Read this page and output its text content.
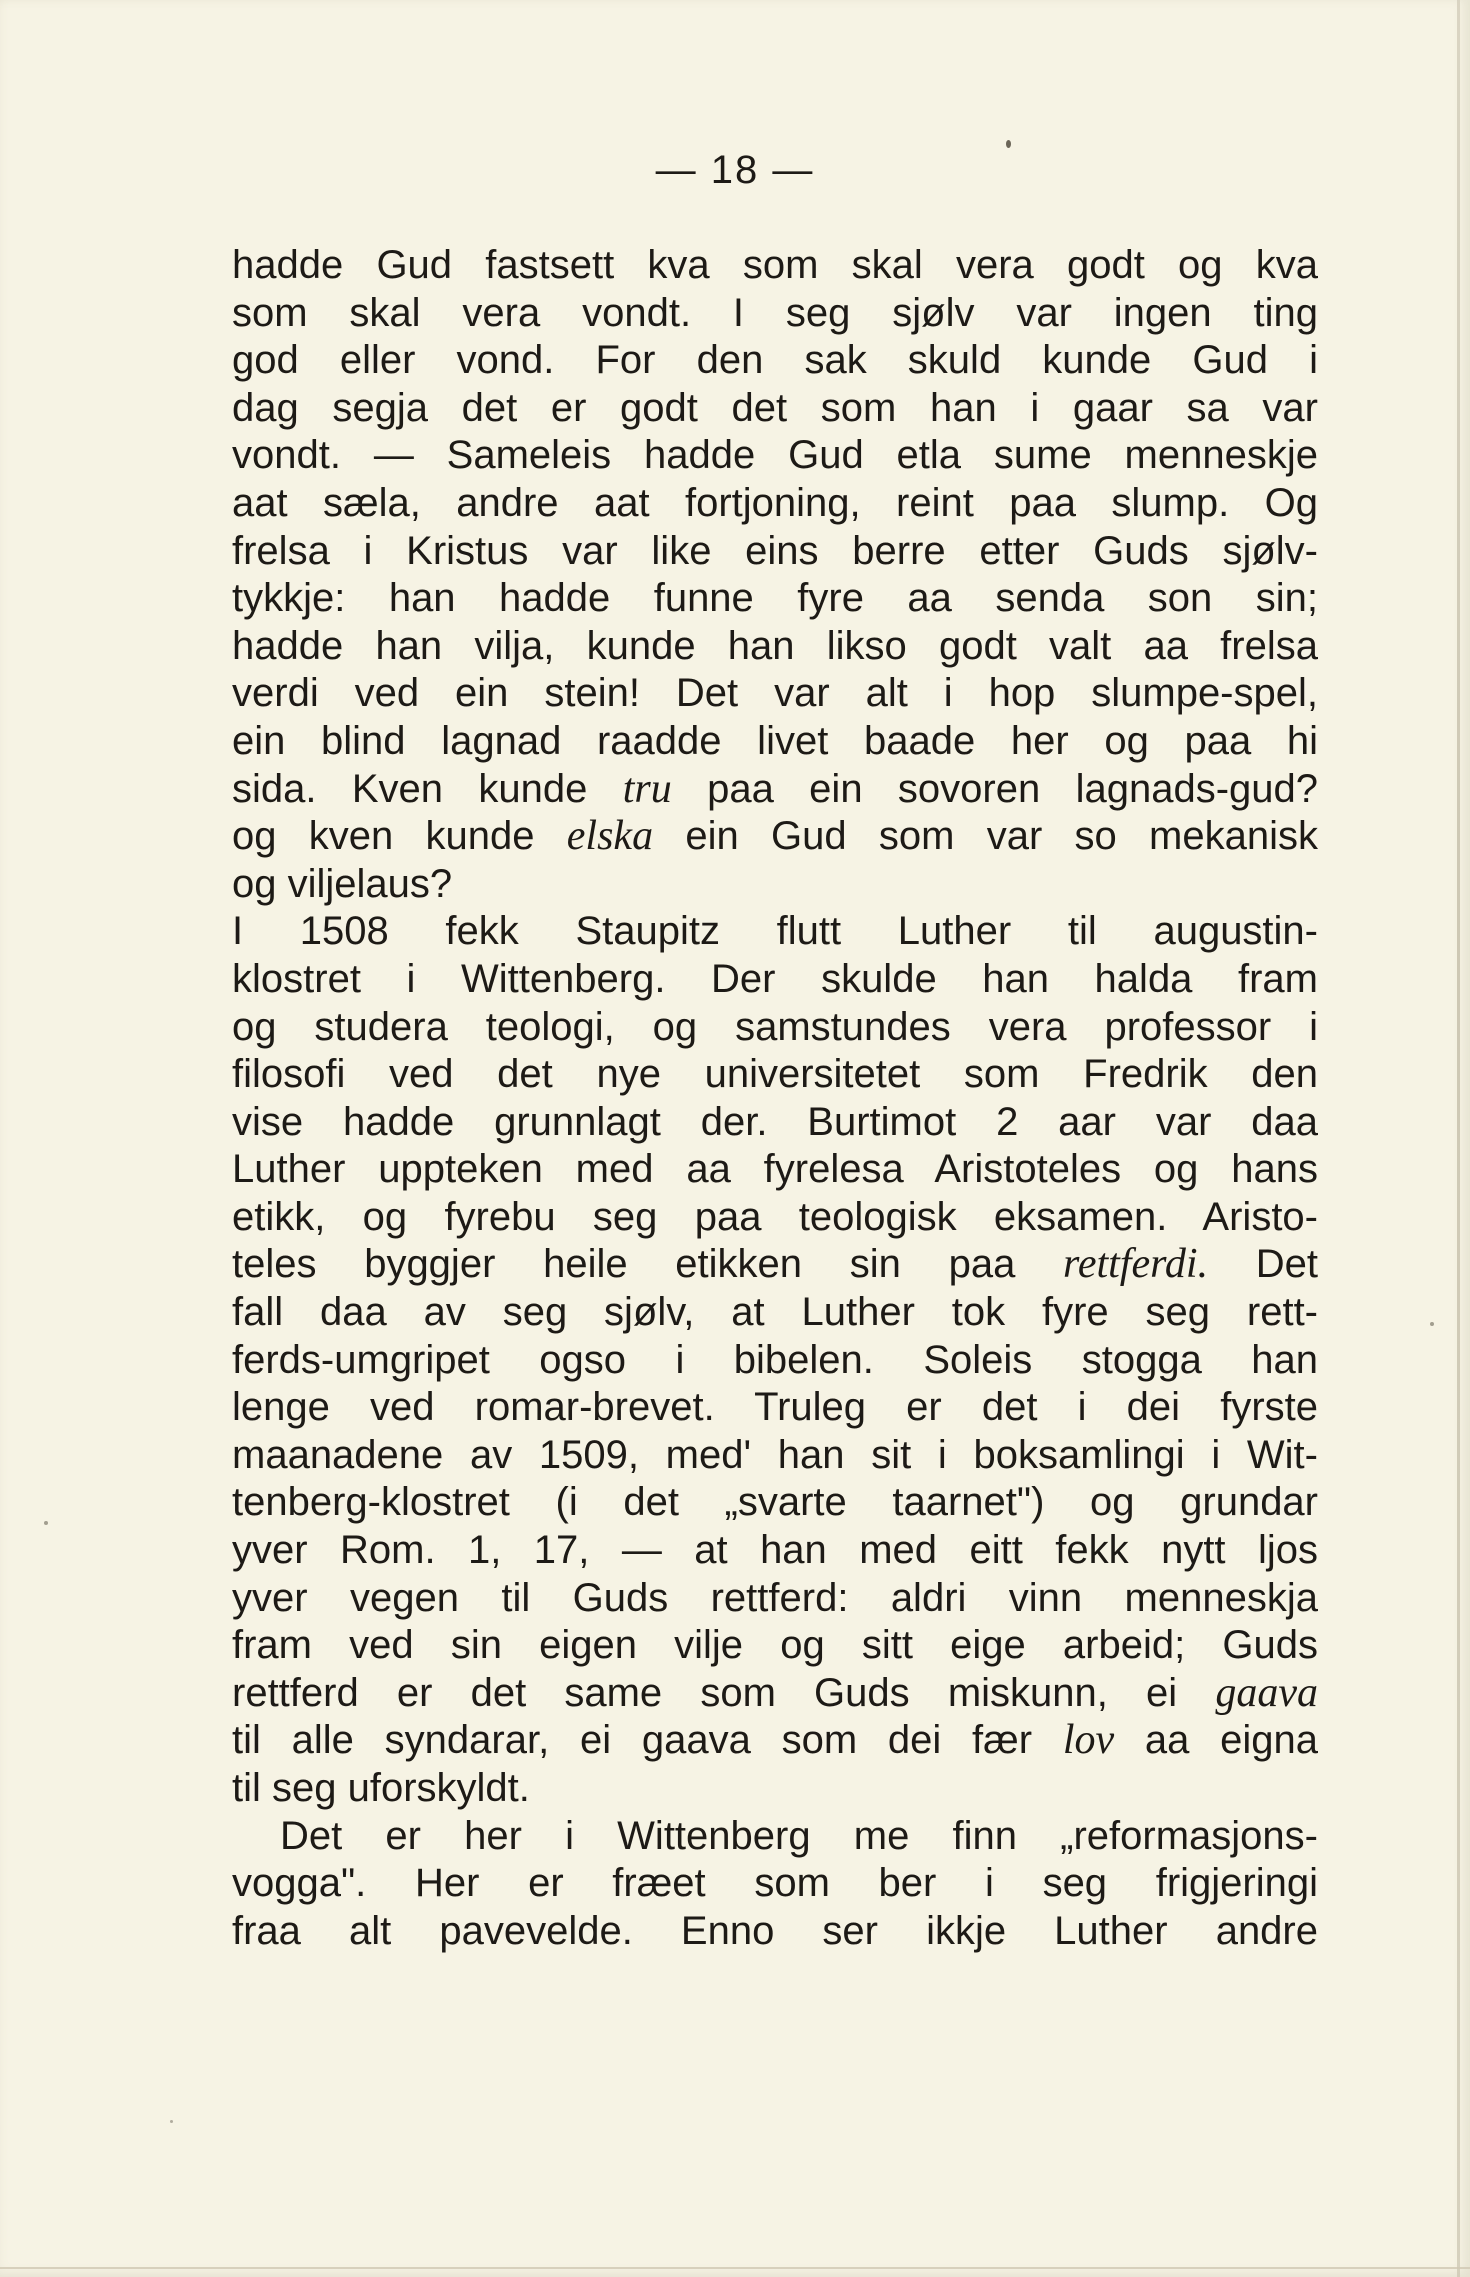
— 18 —
hadde Gud fastsett kva som skal vera godt og kva
som skal vera vondt. I seg sjølv var ingen ting
god eller vond. For den sak skuld kunde Gud i
dag segja det er godt det som han i gaar sa var
vondt. — Sameleis hadde Gud etla sume menneskje
aat sæla, andre aat fortjoning, reint paa slump. Og
frelsa i Kristus var like eins berre etter Guds sjølv-
tykkje: han hadde funne fyre aa senda son sin;
hadde han vilja, kunde han likso godt valt aa frelsa
verdi ved ein stein! Det var alt i hop slumpe-spel,
ein blind lagnad raadde livet baade her og paa hi
sida. Kven kunde tru paa ein sovoren lagnads-gud?
og kven kunde elska ein Gud som var so mekanisk
og viljelaus?
I 1508 fekk Staupitz flutt Luther til augustin-
klostret i Wittenberg. Der skulde han halda fram
og studera teologi, og samstundes vera professor i
filosofi ved det nye universitetet som Fredrik den
vise hadde grunnlagt der. Burtimot 2 aar var daa
Luther uppteken med aa fyrelesa Aristoteles og hans
etikk, og fyrebu seg paa teologisk eksamen. Aristo-
teles byggjer heile etikken sin paa rettferdi. Det
fall daa av seg sjølv, at Luther tok fyre seg rett-
ferds-umgripet ogso i bibelen. Soleis stogga han
lenge ved romar-brevet. Truleg er det i dei fyrste
maanadene av 1509, med' han sit i boksamlingi i Wit-
tenberg-klostret (i det „svarte taarnet") og grundar
yver Rom. 1, 17, — at han med eitt fekk nytt ljos
yver vegen til Guds rettferd: aldri vinn menneskja
fram ved sin eigen vilje og sitt eige arbeid; Guds
rettferd er det same som Guds miskunn, ei gaava
til alle syndarar, ei gaava som dei fær lov aa eigna
til seg uforskyldt.
Det er her i Wittenberg me finn „reformasjons-
vogga". Her er fræet som ber i seg frigjeringi
fraa alt pavevelde. Enno ser ikkje Luther andre
